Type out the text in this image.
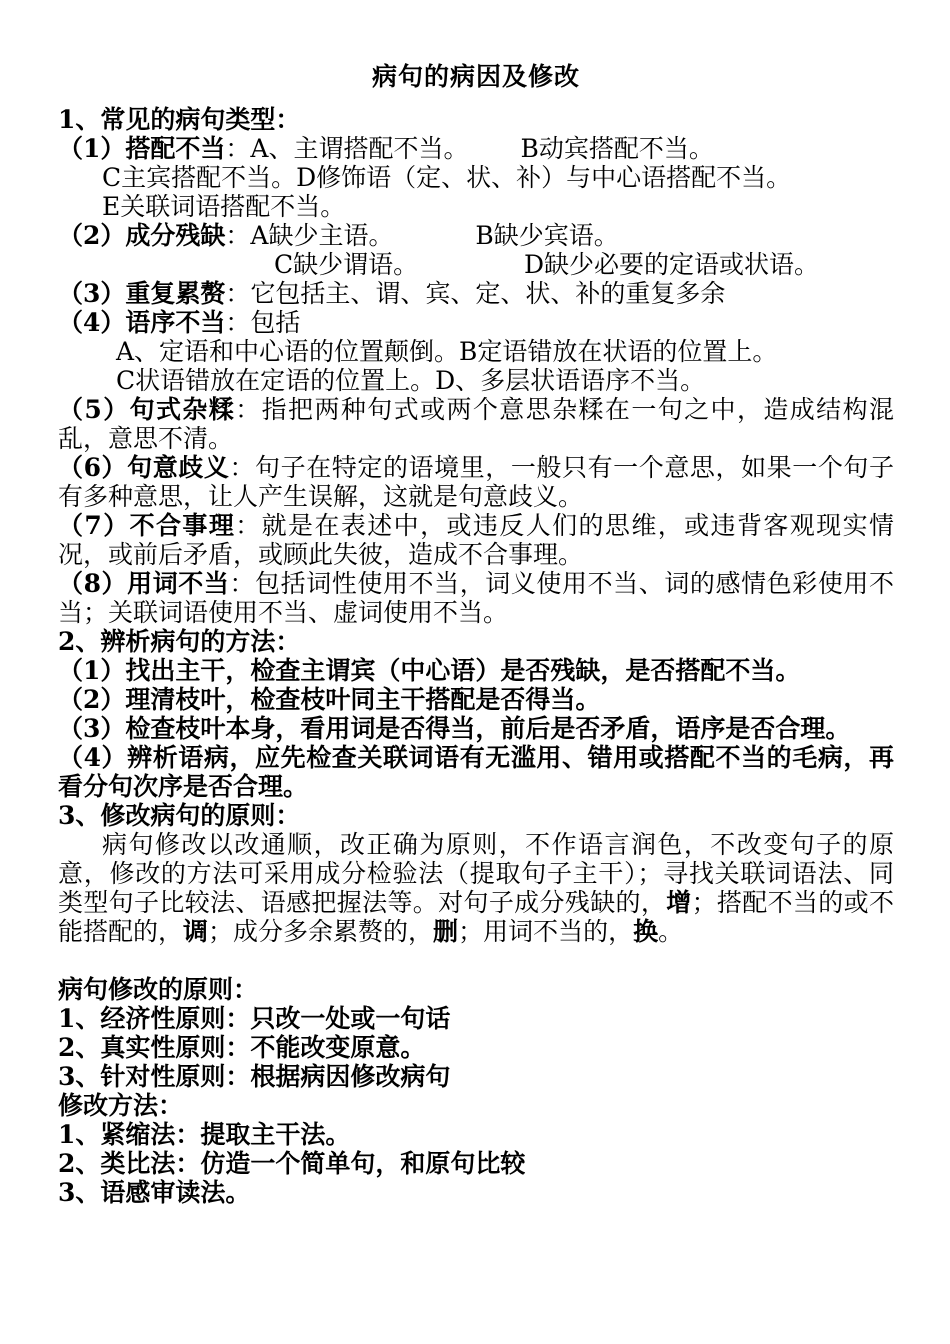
病句的病因及修改
1、常见的病句类型：
（1）搭配不当：A、主谓搭配不当。 B动宾搭配不当。
C主宾搭配不当。D修饰语（定、状、补）与中心语搭配不当。
E关联词语搭配不当。
（2）成分残缺：A缺少主语。	B缺少宾语。
C缺少谓语。	D缺少必要的定语或状语。
（3）重复累赘：它包括主、谓、宾、定、状、补的重复多余
（4）语序不当：包括
A、定语和中心语的位置颠倒。B定语错放在状语的位置上。
C状语错放在定语的位置上。D、多层状语语序不当。
（5）句式杂糅：指把两种句式或两个意思杂糅在一句之中，造成结构混乱，意思不清。
（6）句意歧义：句子在特定的语境里，一般只有一个意思，如果一个句子有多种意思，让人产生误解，这就是句意歧义。
（7）不合事理：就是在表述中，或违反人们的思维，或违背客观现实情况，或前后矛盾，或顾此失彼，造成不合事理。
（8）用词不当：包括词性使用不当，词义使用不当、词的感情色彩使用不当；关联词语使用不当、虚词使用不当。
2、辨析病句的方法：
（1）找出主干，检查主谓宾（中心语）是否残缺，是否搭配不当。
（2）理清枝叶，检查枝叶同主干搭配是否得当。
（3）检查枝叶本身，看用词是否得当，前后是否矛盾，语序是否合理。
（4）辨析语病，应先检查关联词语有无滥用、错用或搭配不当的毛病，再看分句次序是否合理。
3、修改病句的原则：
病句修改以改通顺，改正确为原则，不作语言润色，不改变句子的原意，修改的方法可采用成分检验法（提取句子主干）；寻找关联词语法、同类型句子比较法、语感把握法等。对句子成分残缺的，增；搭配不当的或不能搭配的，调；成分多余累赘的，删；用词不当的，换。
病句修改的原则：
1、经济性原则：只改一处或一句话
2、真实性原则：不能改变原意。
3、针对性原则：根据病因修改病句
修改方法：
1、紧缩法：提取主干法。
2、类比法：仿造一个简单句，和原句比较
3、语感审读法。
